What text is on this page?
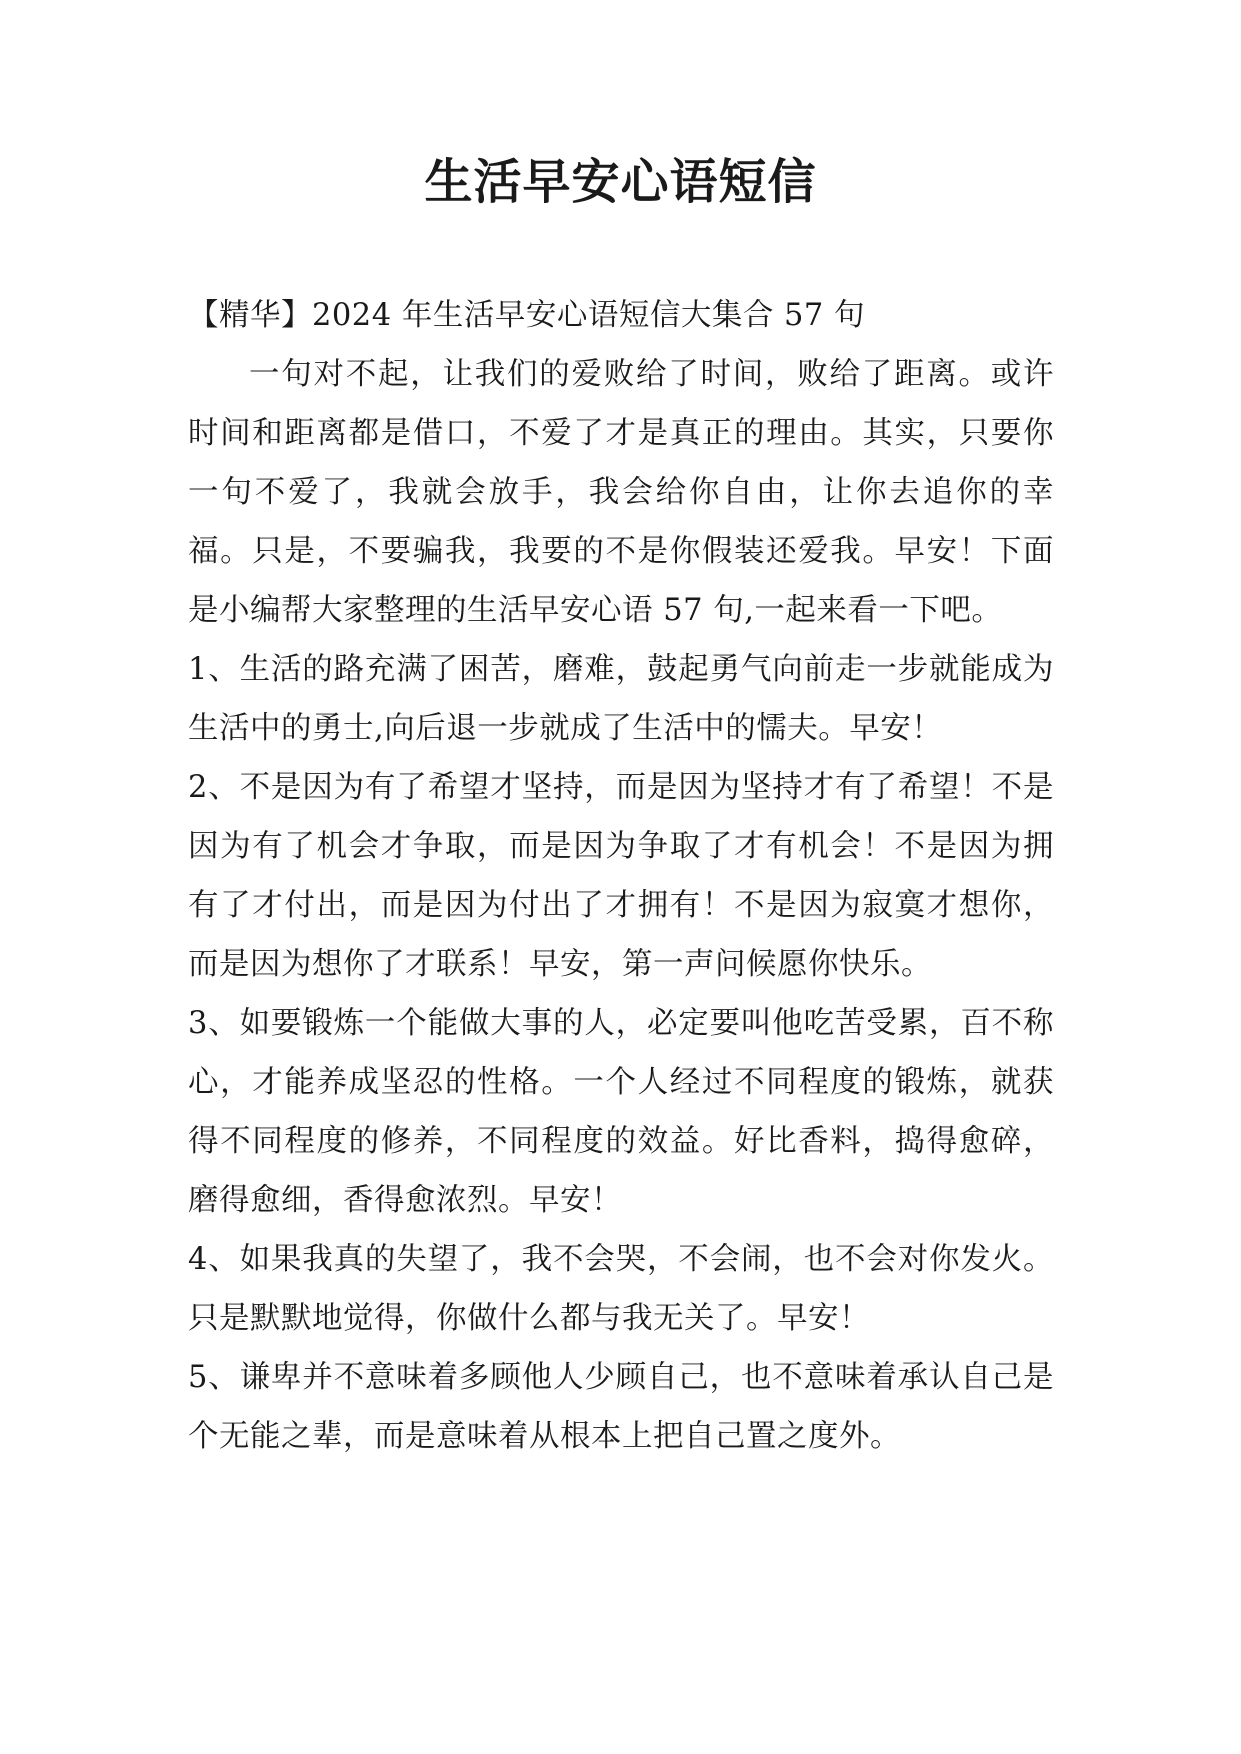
生活早安心语短信

【精华】2024 年生活早安心语短信大集合 57 句

一句对不起，让我们的爱败给了时间，败给了距离。或许时间和距离都是借口，不爱了才是真正的理由。其实，只要你一句不爱了，我就会放手，我会给你自由，让你去追你的幸福。只是，不要骗我，我要的不是你假装还爱我。早安！下面是小编帮大家整理的生活早安心语 57 句,一起来看一下吧。

1、生活的路充满了困苦，磨难，鼓起勇气向前走一步就能成为生活中的勇士,向后退一步就成了生活中的懦夫。早安！

2、不是因为有了希望才坚持，而是因为坚持才有了希望！不是因为有了机会才争取，而是因为争取了才有机会！不是因为拥有了才付出，而是因为付出了才拥有！不是因为寂寞才想你，而是因为想你了才联系！早安，第一声问候愿你快乐。

3、如要锻炼一个能做大事的人，必定要叫他吃苦受累，百不称心，才能养成坚忍的性格。一个人经过不同程度的锻炼，就获得不同程度的修养，不同程度的效益。好比香料，捣得愈碎，磨得愈细，香得愈浓烈。早安！

4、如果我真的失望了，我不会哭，不会闹，也不会对你发火。只是默默地觉得，你做什么都与我无关了。早安！

5、谦卑并不意味着多顾他人少顾自己，也不意味着承认自己是个无能之辈，而是意味着从根本上把自己置之度外。
